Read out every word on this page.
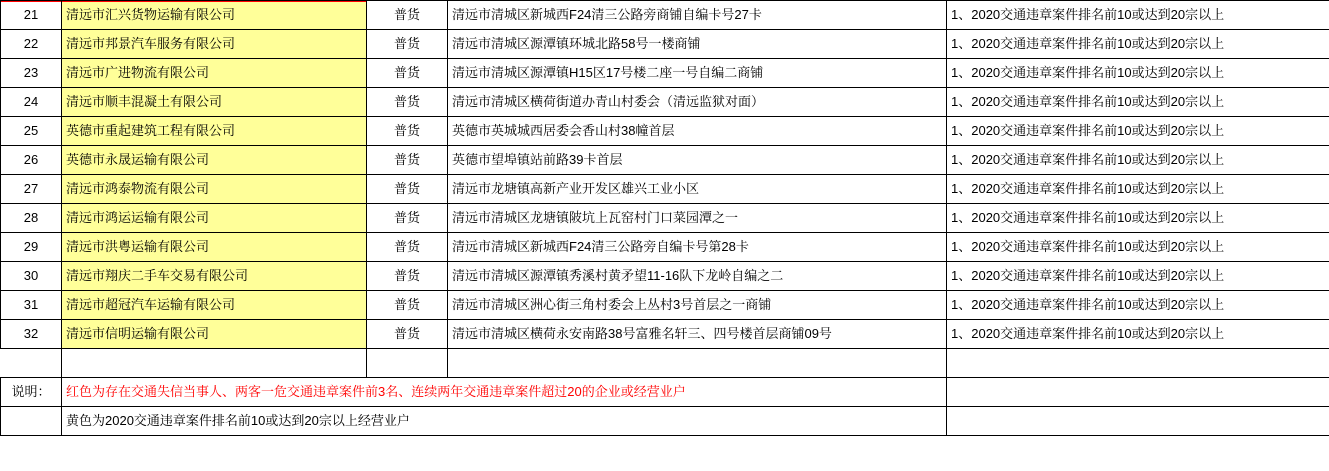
21	清远市汇兴货物运输有限公司	普货	清远市清城区新城西F24清三公路旁商铺自编卡号27卡	1、2020交通违章案件排名前10或达到20宗以上
22	清远市邦景汽车服务有限公司	普货	清远市清城区源潭镇环城北路58号一楼商铺	1、2020交通违章案件排名前10或达到20宗以上
23	清远市广进物流有限公司	普货	清远市清城区源潭镇H15区17号楼二座一号自编二商铺	1、2020交通违章案件排名前10或达到20宗以上
24	清远市顺丰混凝土有限公司	普货	清远市清城区横荷街道办青山村委会（清远监狱对面）	1、2020交通违章案件排名前10或达到20宗以上
25	英德市重起建筑工程有限公司	普货	英德市英城城西居委会香山村38幢首层	1、2020交通违章案件排名前10或达到20宗以上
26	英德市永晟运输有限公司	普货	英德市望埠镇站前路39卡首层	1、2020交通违章案件排名前10或达到20宗以上
27	清远市鸿泰物流有限公司	普货	清远市龙塘镇高新产业开发区雄兴工业小区	1、2020交通违章案件排名前10或达到20宗以上
28	清远市鸿运运输有限公司	普货	清远市清城区龙塘镇陂坑上瓦窑村门口菜园潭之一	1、2020交通违章案件排名前10或达到20宗以上
29	清远市洪粤运输有限公司	普货	清远市清城区新城西F24清三公路旁自编卡号第28卡	1、2020交通违章案件排名前10或达到20宗以上
30	清远市翔庆二手车交易有限公司	普货	清远市清城区源潭镇秀溪村黄矛望11-16队下龙岭自编之二	1、2020交通违章案件排名前10或达到20宗以上
31	清远市超冠汽车运输有限公司	普货	清远市清城区洲心街三角村委会上丛村3号首层之一商铺	1、2020交通违章案件排名前10或达到20宗以上
32	清远市信明运输有限公司	普货	清远市清城区横荷永安南路38号富雅名轩三、四号楼首层商铺09号	1、2020交通违章案件排名前10或达到20宗以上

说明：	红色为存在交通失信当事人、两客一危交通违章案件前3名、连续两年交通违章案件超过20的企业或经营业户			
	黄色为2020交通违章案件排名前10或达到20宗以上经营业户			
